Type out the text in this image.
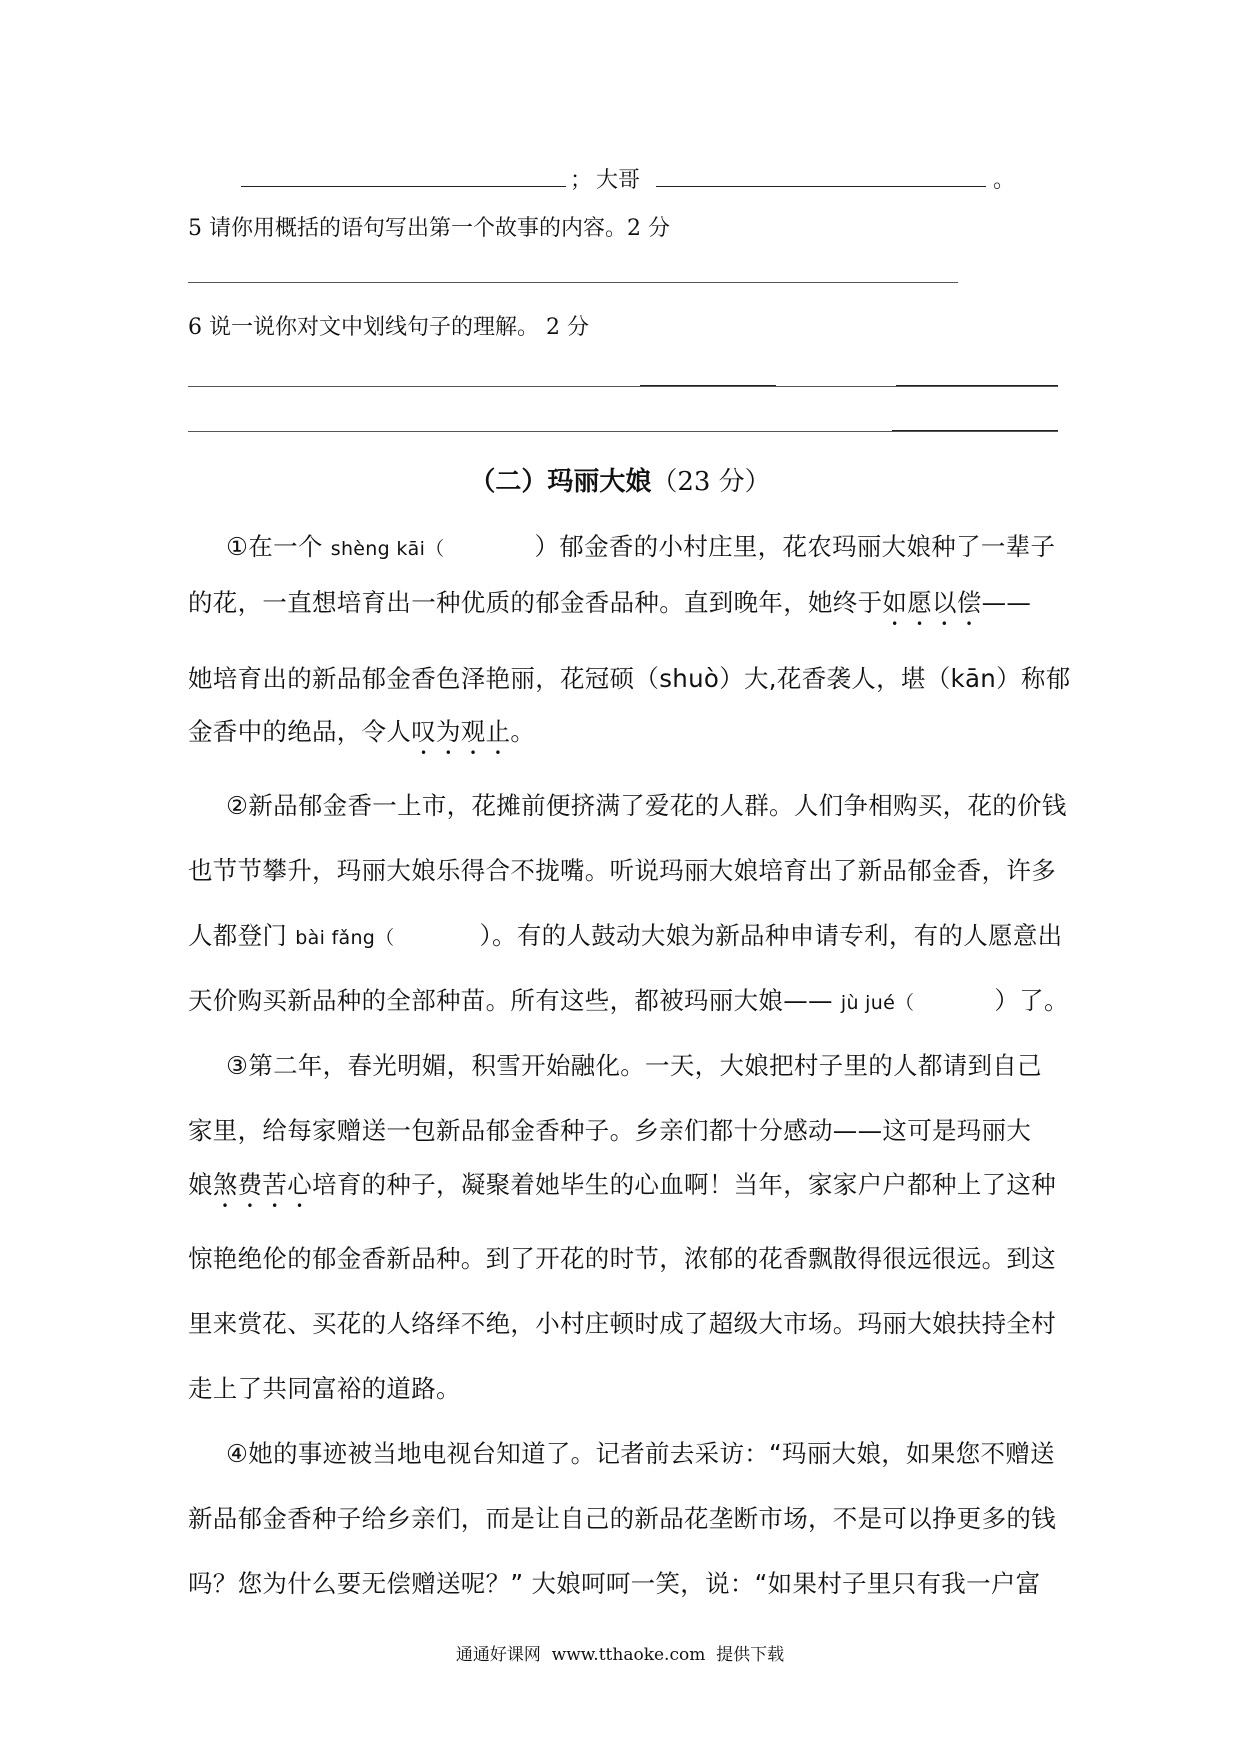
； 大哥	。
5 请你用概括的语句写出第一个故事的内容。2 分
6 说一说你对文中划线句子的理解。 2 分
（二）玛丽大娘（23 分）
①在一个 shèng kāi（	）郁金香的小村庄里，花农玛丽大娘种了一辈子
的花，一直想培育出一种优质的郁金香品种。直到晚年，她终于如愿以偿——
她培育出的新品郁金香色泽艳丽，花冠硕（shuò）大,花香袭人，堪（kān）称郁
金香中的绝品，令人叹为观止。
②新品郁金香一上市，花摊前便挤满了爱花的人群。人们争相购买，花的价钱
也节节攀升，玛丽大娘乐得合不拢嘴。听说玛丽大娘培育出了新品郁金香，许多
人都登门 bài fǎng（	）。有的人鼓动大娘为新品种申请专利，有的人愿意出
天价购买新品种的全部种苗。所有这些，都被玛丽大娘—— jù jué（	）了。
③第二年，春光明媚，积雪开始融化。一天，大娘把村子里的人都请到自己
家里，给每家赠送一包新品郁金香种子。乡亲们都十分感动——这可是玛丽大
娘煞费苦心培育的种子，凝聚着她毕生的心血啊！当年，家家户户都种上了这种
惊艳绝伦的郁金香新品种。到了开花的时节，浓郁的花香飘散得很远很远。到这
里来赏花、买花的人络绎不绝，小村庄顿时成了超级大市场。玛丽大娘扶持全村
走上了共同富裕的道路。
④她的事迹被当地电视台知道了。记者前去采访：“玛丽大娘，如果您不赠送
新品郁金香种子给乡亲们，而是让自己的新品花垄断市场，不是可以挣更多的钱
吗？您为什么要无偿赠送呢？” 大娘呵呵一笑，说：“如果村子里只有我一户富
通通好课网  www.tthaoke.com  提供下载
